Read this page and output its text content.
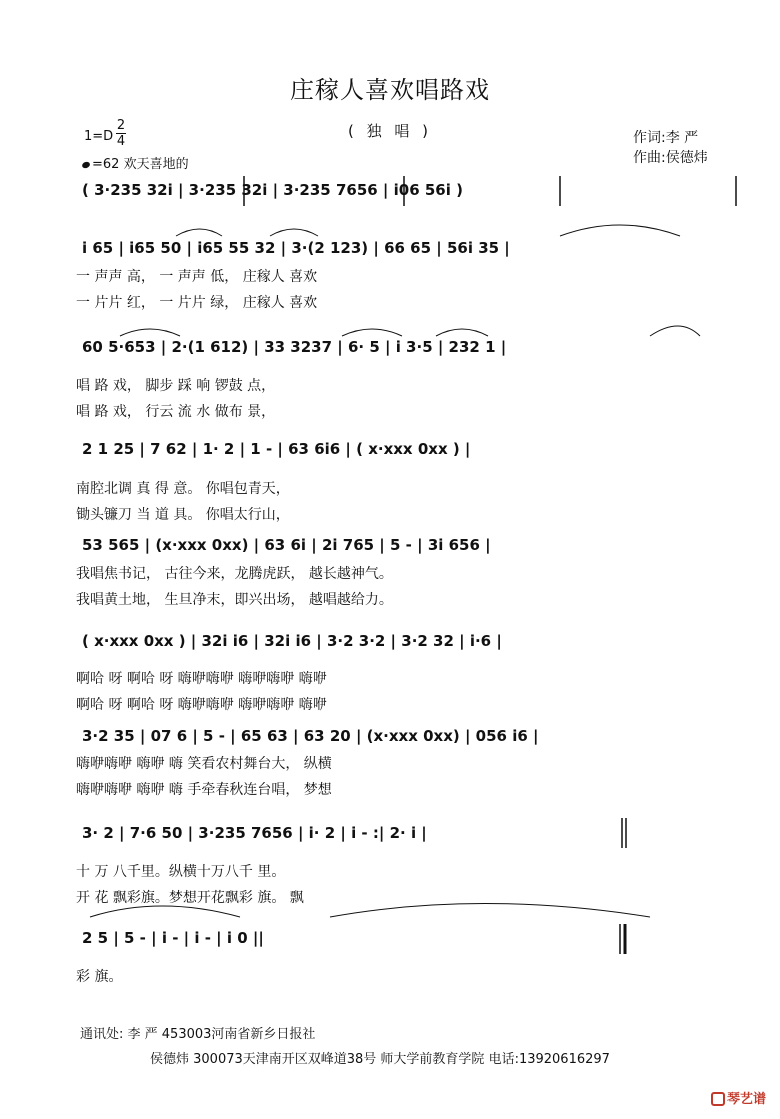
庄稼人喜欢唱路戏
( 独 唱 )
1=D
2
4
=62 欢天喜地的
作词:李 严
作曲:侯德炜
( 3·235 32i | 3·235 32i | 3·235 7656 | i06 56i )
i 65 | i65 50 | i65 55 32 | 3·(2 123) | 66 65 | 56i 35 |
一 声声 高， 一 声声 低， 庄稼人 喜欢
一 片片 红， 一 片片 绿， 庄稼人 喜欢
60 5·653 | 2·(1 612) | 33 3237 | 6· 5 | i 3·5 | 232 1 |
唱 路 戏， 脚步 踩 响 锣鼓 点，
唱 路 戏， 行云 流 水 做布 景，
2 1 25 | 7 62 | 1· 2 | 1 - | 63 6i6 | ( x·xxx 0xx ) |
南腔北调 真 得 意。 你唱包青天，
锄头镰刀 当 道 具。 你唱太行山，
53 565 | (x·xxx 0xx) | 63 6i | 2i 765 | 5 - | 3i 656 |
我唱焦书记， 古往今来，龙腾虎跃， 越长越神气。
我唱黄土地， 生旦净末，即兴出场， 越唱越给力。
( x·xxx 0xx ) | 32i i6 | 32i i6 | 3·2 3·2 | 3·2 32 | i·6 |
啊哈 呀 啊哈 呀 嗨咿嗨咿 嗨咿嗨咿 嗨咿
啊哈 呀 啊哈 呀 嗨咿嗨咿 嗨咿嗨咿 嗨咿
3·2 35 | 07 6 | 5 - | 65 63 | 63 20 | (x·xxx 0xx) | 056 i6 |
嗨咿嗨咿 嗨咿 嗨 笑看农村舞台大， 纵横
嗨咿嗨咿 嗨咿 嗨 手牵春秋连台唱， 梦想
3· 2 | 7·6 50 | 3·235 7656 | i· 2 | i - :| 2· i |
十 万 八千里。纵横十万八千 里。
开 花 飘彩旗。梦想开花飘彩 旗。 飘
2 5 | 5 - | i - | i - | i 0 ||
彩 旗。
通讯处: 李 严 453003河南省新乡日报社
侯德炜 300073天津南开区双峰道38号 师大学前教育学院 电话:13920616297
琴艺谱
